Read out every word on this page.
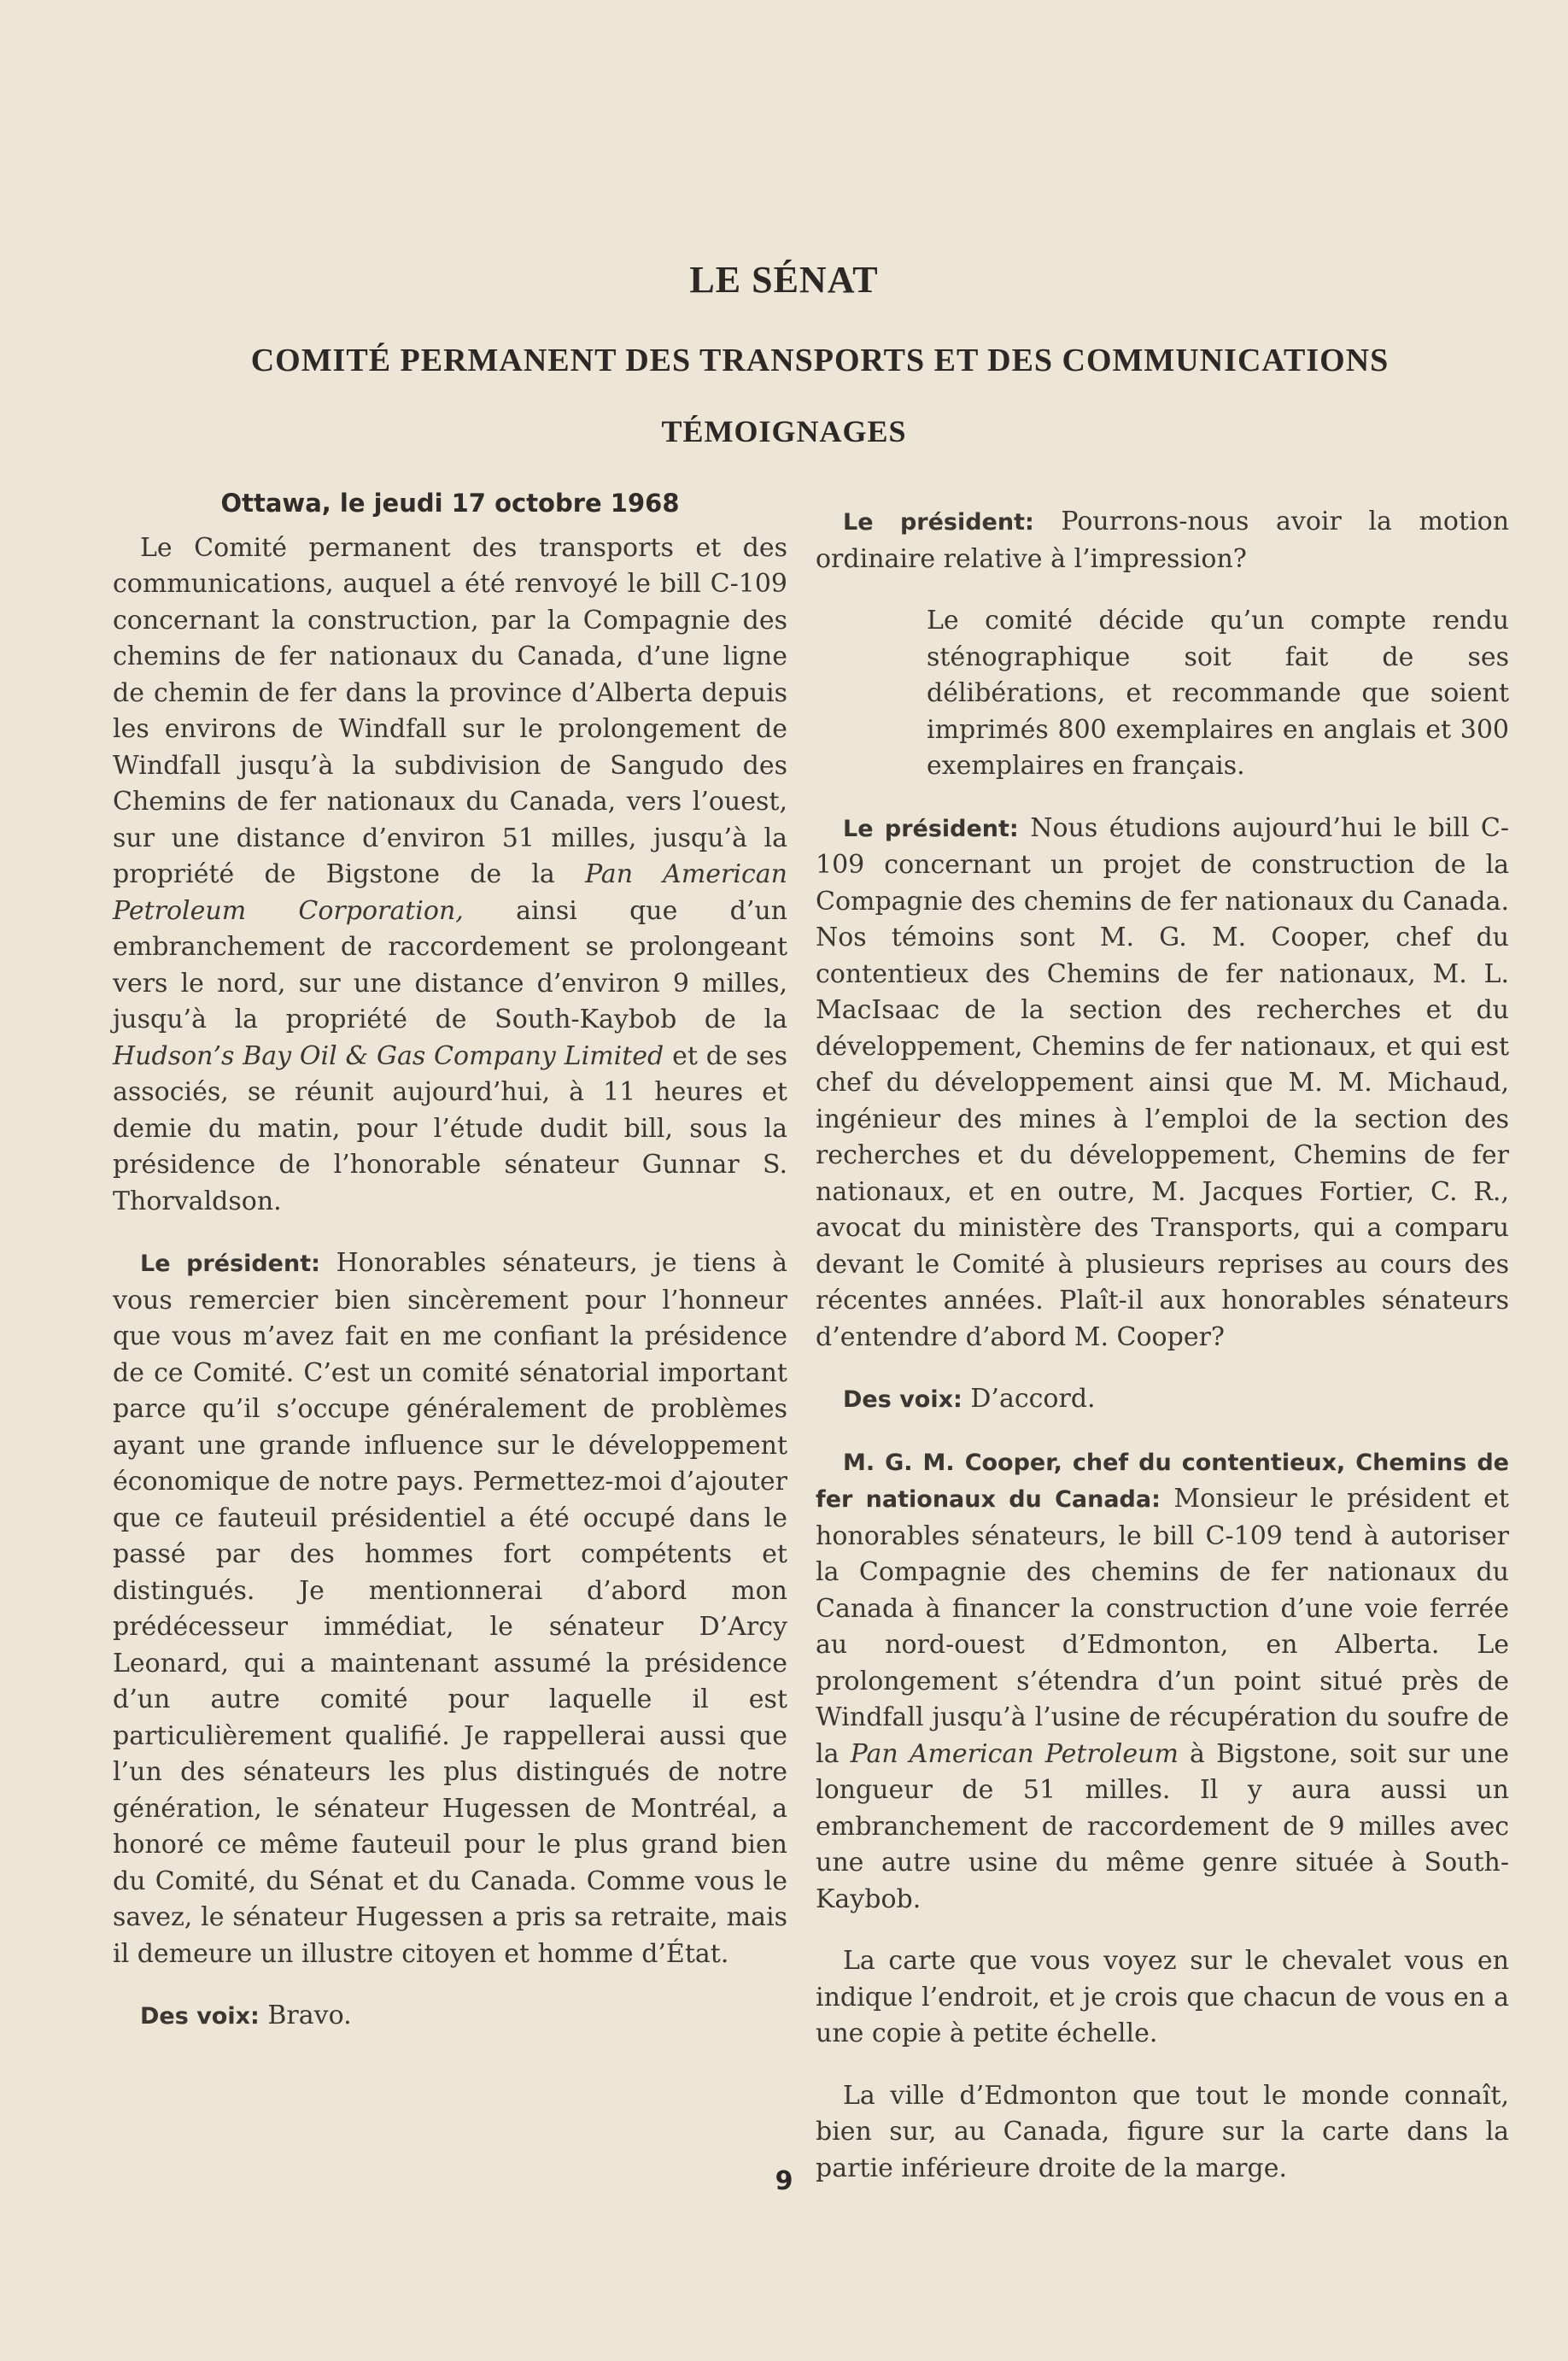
LE SÉNAT
COMITÉ PERMANENT DES TRANSPORTS ET DES COMMUNICATIONS
TÉMOIGNAGES
Ottawa, le jeudi 17 octobre 1968

Le Comité permanent des transports et des communications, auquel a été renvoyé le bill C-109 concernant la construction, par la Compagnie des chemins de fer nationaux du Canada, d’une ligne de chemin de fer dans la province d’Alberta depuis les environs de Windfall sur le prolongement de Windfall jusqu’à la subdivision de Sangudo des Chemins de fer nationaux du Canada, vers l’ouest, sur une distance d’environ 51 milles, jusqu’à la propriété de Bigstone de la Pan American Petroleum Corporation, ainsi que d’un embranchement de raccordement se prolongeant vers le nord, sur une distance d’environ 9 milles, jusqu’à la propriété de South-Kaybob de la Hudson’s Bay Oil & Gas Company Limited et de ses associés, se réunit aujourd’hui, à 11 heures et demie du matin, pour l’étude dudit bill, sous la présidence de l’honorable sénateur Gunnar S. Thorvaldson.

Le président: Honorables sénateurs, je tiens à vous remercier bien sincèrement pour l’honneur que vous m’avez fait en me confiant la présidence de ce Comité. C’est un comité sénatorial important parce qu’il s’occupe généralement de problèmes ayant une grande influence sur le développement économique de notre pays. Permettez-moi d’ajouter que ce fauteuil présidentiel a été occupé dans le passé par des hommes fort compétents et distingués. Je mentionnerai d’abord mon prédécesseur immédiat, le sénateur D’Arcy Leonard, qui a maintenant assumé la présidence d’un autre comité pour laquelle il est particulièrement qualifié. Je rappellerai aussi que l’un des sénateurs les plus distingués de notre génération, le sénateur Hugessen de Montréal, a honoré ce même fauteuil pour le plus grand bien du Comité, du Sénat et du Canada. Comme vous le savez, le sénateur Hugessen a pris sa retraite, mais il demeure un illustre citoyen et homme d’État.

Des voix: Bravo.

Le président: Pourrons-nous avoir la motion ordinaire relative à l’impression?

Le comité décide qu’un compte rendu sténographique soit fait de ses délibérations, et recommande que soient imprimés 800 exemplaires en anglais et 300 exemplaires en français.

Le président: Nous étudions aujourd’hui le bill C-109 concernant un projet de construction de la Compagnie des chemins de fer nationaux du Canada. Nos témoins sont M. G. M. Cooper, chef du contentieux des Chemins de fer nationaux, M. L. MacIsaac de la section des recherches et du développement, Chemins de fer nationaux, et qui est chef du développement ainsi que M. M. Michaud, ingénieur des mines à l’emploi de la section des recherches et du développement, Chemins de fer nationaux, et en outre, M. Jacques Fortier, C. R., avocat du ministère des Transports, qui a comparu devant le Comité à plusieurs reprises au cours des récentes années. Plaît-il aux honorables sénateurs d’entendre d’abord M. Cooper?

Des voix: D’accord.

M. G. M. Cooper, chef du contentieux, Chemins de fer nationaux du Canada: Monsieur le président et honorables sénateurs, le bill C-109 tend à autoriser la Compagnie des chemins de fer nationaux du Canada à financer la construction d’une voie ferrée au nord-ouest d’Edmonton, en Alberta. Le prolongement s’étendra d’un point situé près de Windfall jusqu’à l’usine de récupération du soufre de la Pan American Petroleum à Bigstone, soit sur une longueur de 51 milles. Il y aura aussi un embranchement de raccordement de 9 milles avec une autre usine du même genre située à South-Kaybob.

La carte que vous voyez sur le chevalet vous en indique l’endroit, et je crois que chacun de vous en a une copie à petite échelle.

La ville d’Edmonton que tout le monde connaît, bien sur, au Canada, figure sur la carte dans la partie inférieure droite de la marge.

9
